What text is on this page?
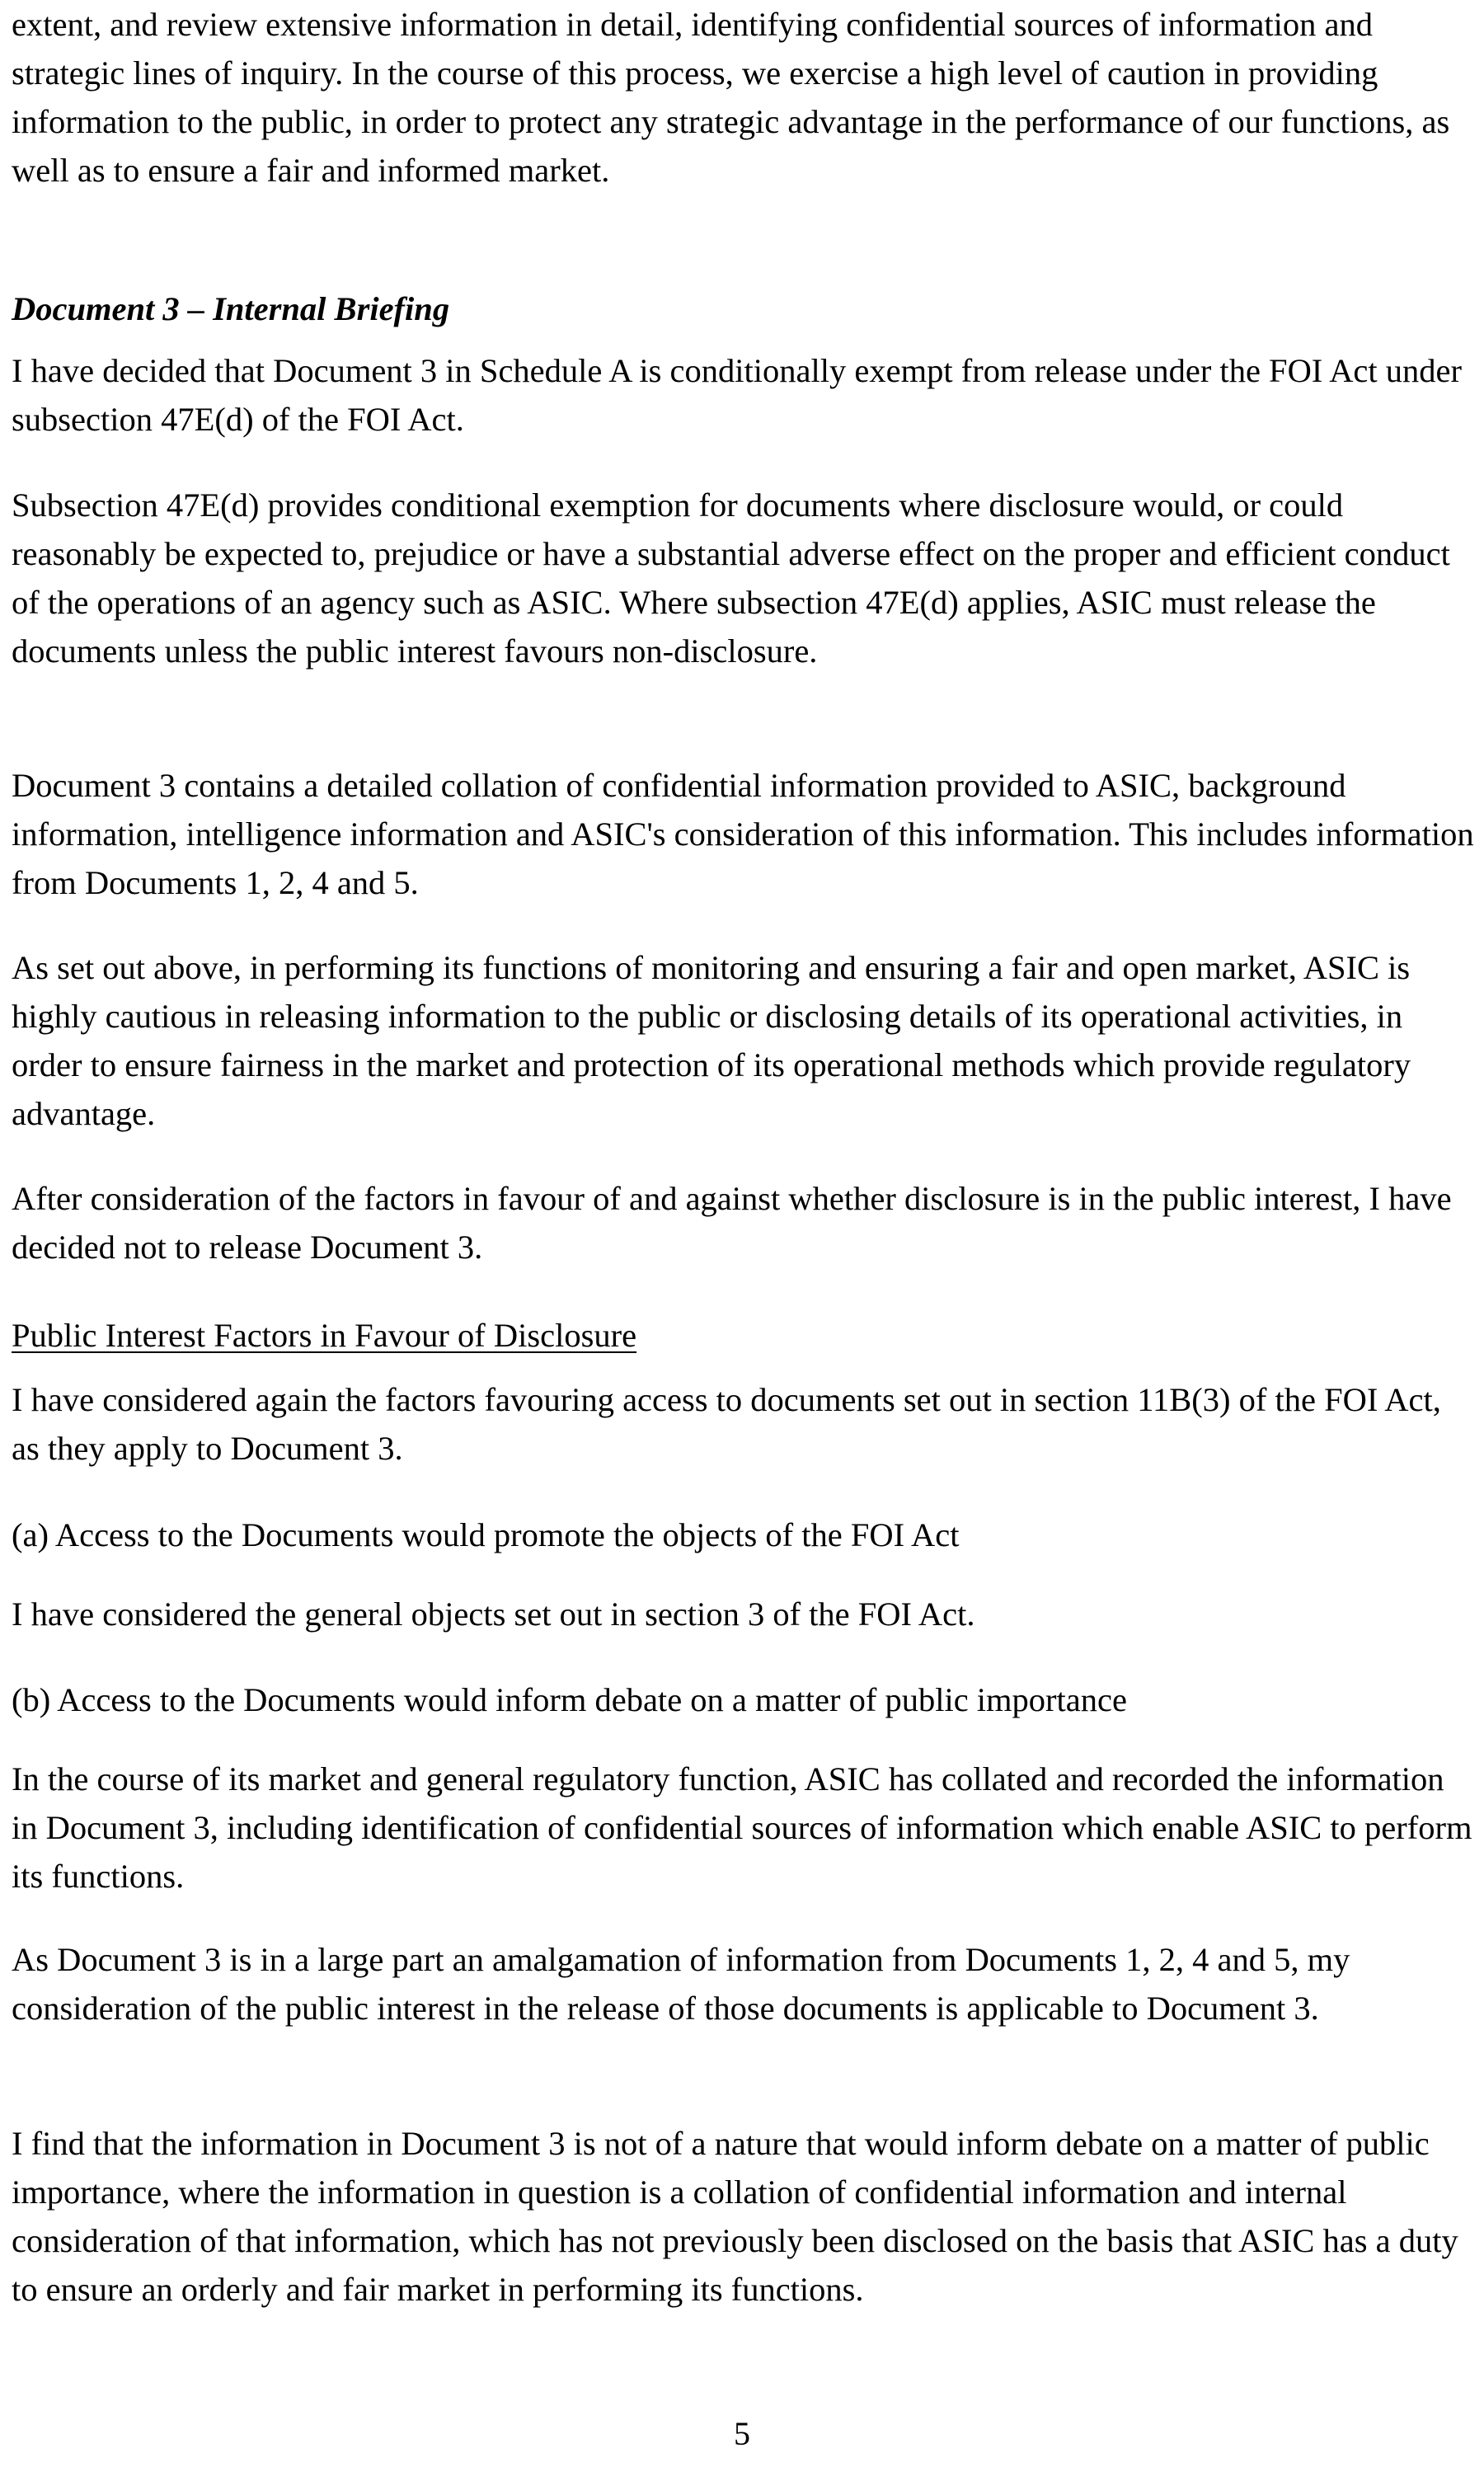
extent, and review extensive information in detail, identifying confidential sources of information and strategic lines of inquiry. In the course of this process, we exercise a high level of caution in providing information to the public, in order to protect any strategic advantage in the performance of our functions, as well as to ensure a fair and informed market.

Document 3 – Internal Briefing

I have decided that Document 3 in Schedule A is conditionally exempt from release under the FOI Act under subsection 47E(d) of the FOI Act.

Subsection 47E(d) provides conditional exemption for documents where disclosure would, or could reasonably be expected to, prejudice or have a substantial adverse effect on the proper and efficient conduct of the operations of an agency such as ASIC. Where subsection 47E(d) applies, ASIC must release the documents unless the public interest favours non-disclosure.

Document 3 contains a detailed collation of confidential information provided to ASIC, background information, intelligence information and ASIC's consideration of this information. This includes information from Documents 1, 2, 4 and 5.

As set out above, in performing its functions of monitoring and ensuring a fair and open market, ASIC is highly cautious in releasing information to the public or disclosing details of its operational activities, in order to ensure fairness in the market and protection of its operational methods which provide regulatory advantage.

After consideration of the factors in favour of and against whether disclosure is in the public interest, I have decided not to release Document 3.

Public Interest Factors in Favour of Disclosure

I have considered again the factors favouring access to documents set out in section 11B(3) of the FOI Act, as they apply to Document 3.

(a) Access to the Documents would promote the objects of the FOI Act

I have considered the general objects set out in section 3 of the FOI Act.

(b) Access to the Documents would inform debate on a matter of public importance

In the course of its market and general regulatory function, ASIC has collated and recorded the information in Document 3, including identification of confidential sources of information which enable ASIC to perform its functions.

As Document 3 is in a large part an amalgamation of information from Documents 1, 2, 4 and 5, my consideration of the public interest in the release of those documents is applicable to Document 3.

I find that the information in Document 3 is not of a nature that would inform debate on a matter of public importance, where the information in question is a collation of confidential information and internal consideration of that information, which has not previously been disclosed on the basis that ASIC has a duty to ensure an orderly and fair market in performing its functions.

5
